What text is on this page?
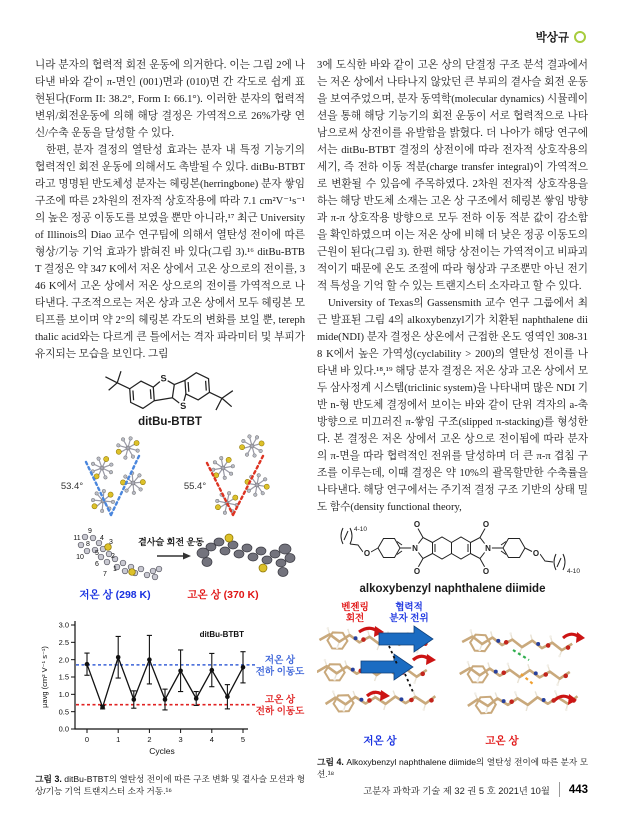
박상규

니라 분자의 협력적 회전 운동에 의거한다. 이는 그림 2에 나타낸 바와 같이 π-면인 (001)면과 (010)면 간 각도로 쉽게 표현된다(Form II: 38.2°, Form I: 66.1°). 이러한 분자의 협력적 변위/회전운동에 의해 해당 결정은 가역적으로 26%가량 연신/수축 운동을 달성할 수 있다.

한편, 분자 결정의 열탄성 효과는 분자 내 특정 기능기의 협력적인 회전 운동에 의해서도 촉발될 수 있다. ditBu-BTBT라고 명명된 반도체성 분자는 헤링본(herringbone) 분자 쌓임 구조에 따른 2차원의 전자적 상호작용에 따라 7.1 cm²V⁻¹s⁻¹의 높은 정공 이동도를 보였을 뿐만 아니라,¹⁷ 최근 University of Illinois의 Diao 교수 연구팀에 의해서 열탄성 전이에 따른 형상/기능 기억 효과가 밝혀진 바 있다(그림 3).¹⁶ ditBu-BTBT 결정은 약 347 K에서 저온 상에서 고온 상으로의 전이를, 346 K에서 고온 상에서 저온 상으로의 전이를 가역적으로 나타낸다. 구조적으로는 저온 상과 고온 상에서 모두 헤링본 모티프를 보이며 약 2°의 헤링본 각도의 변화를 보일 뿐, terephthalic acid와는 다르게 큰 틀에서는 격자 파라미터 및 부피가 유지되는 모습을 보인다. 그림

S
S
ditBu-BTBT
53.4°	55.4°
9
11
8
10
4
3
5 2
6
7
1
곁사슬 회전 운동
저온 상 (298 K)	고온 상 (370 K)
0.0
0.5
1.0
1.5
2.0
2.5
3.0
0	1	2	3	4	5
저온 상 전하 이동도
고온 상 전하 이동도
ditBu-BTBT
Cycles
μavg (cm² V⁻¹ s⁻¹)
그림 3. ditBu-BTBT의 열탄성 전이에 따른 구조 변화 및 곁사슬 모션과 형상/기능 기억 트랜지스터 소자 거동.¹⁶

3에 도식한 바와 같이 고온 상의 단결정 구조 분석 결과에서는 저온 상에서 나타나지 않았던 큰 부피의 곁사슬 회전 운동을 보여주었으며, 분자 동역학(molecular dynamics) 시뮬레이션을 통해 해당 기능기의 회전 운동이 서로 협력적으로 나타남으로써 상전이를 유발함을 밝혔다. 더 나아가 해당 연구에서는 ditBu-BTBT 결정의 상전이에 따라 전자적 상호작용의 세기, 즉 전하 이동 적분(charge transfer integral)이 가역적으로 변환될 수 있음에 주목하였다. 2차원 전자적 상호작용을 하는 해당 반도체 소재는 고온 상 구조에서 헤링본 쌓임 방향과 π-π 상호작용 방향으로 모두 전하 이동 적분 값이 감소함을 확인하였으며 이는 저온 상에 비해 더 낮은 정공 이동도의 근원이 된다(그림 3). 한편 해당 상전이는 가역적이고 비파괴적이기 때문에 온도 조절에 따라 형상과 구조뿐만 아닌 전기적 특성을 기억 할 수 있는 트랜지스터 소자라고 할 수 있다.

University of Texas의 Gassensmith 교수 연구 그룹에서 최근 발표된 그림 4의 alkoxybenzyl기가 치환된 naphthalene diimide(NDI) 분자 결정은 상온에서 근접한 온도 영역인 308-318 K에서 높은 가역성(cyclability > 200)의 열탄성 전이를 나타낸 바 있다.¹⁸,¹⁹ 해당 분자 결정은 저온 상과 고온 상에서 모두 삼사정계 시스템(triclinic system)을 나타내며 많은 NDI 기반 n-형 반도체 결정에서 보이는 바와 같이 단위 격자의 a-축 방향으로 미끄러진 π-쌓임 구조(slipped π-stacking)를 형성한다. 본 결정은 저온 상에서 고온 상으로 전이됨에 따라 분자의 π-면을 따라 협력적인 전위를 달성하며 더 큰 π-π 겹침 구조를 이루는데, 이때 결정은 약 10%의 괄목할만한 수축률을 나타낸다. 해당 연구에서는 주기적 결정 구조 기반의 상태 밀도 함수(density functional theory,

N	N
O
O
O
O
O	O
4-10
4-10
alkoxybenzyl naphthalene diimide
벤젠링
회전
협력적
분자 전위
저온 상	고온 상
그림 4. Alkoxybenzyl naphthalene diimide의 열탄성 전이에 따른 분자 모션.¹⁸
고분자 과학과 기술 제 32 권 5 호 2021년 10월 443
